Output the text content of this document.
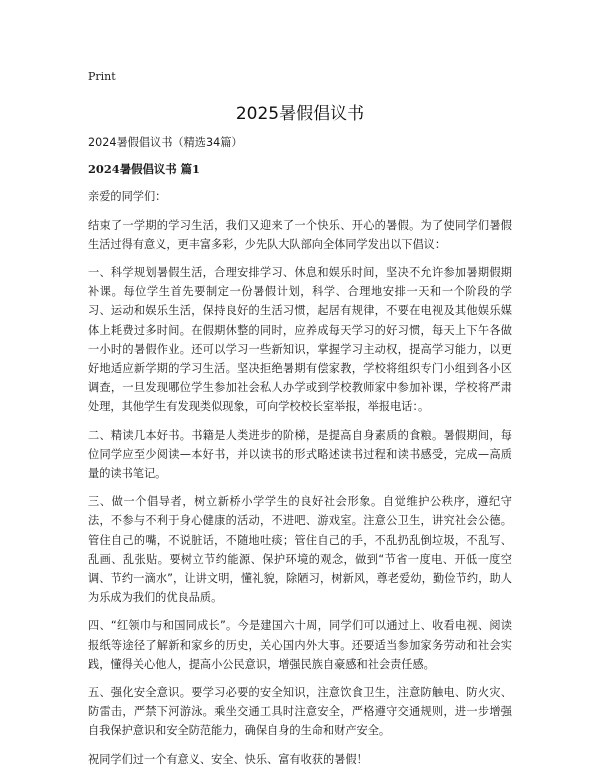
Print
2025暑假倡议书

2024暑假倡议书（精选34篇）

2024暑假倡议书 篇1

亲爱的同学们：

结束了一学期的学习生活，我们又迎来了一个快乐、开心的暑假。为了使同学们暑假生活过得有意义，更丰富多彩，少先队大队部向全体同学发出以下倡议：

一、科学规划暑假生活，合理安排学习、休息和娱乐时间，坚决不允许参加暑期假期补课。每位学生首先要制定一份暑假计划，科学、合理地安排一天和一个阶段的学习、运动和娱乐生活，保持良好的生活习惯，起居有规律，不要在电视及其他娱乐媒体上耗费过多时间。在假期休整的同时，应养成每天学习的好习惯，每天上下午各做一小时的暑假作业。还可以学习一些新知识，掌握学习主动权，提高学习能力，以更好地适应新学期的学习生活。坚决拒绝暑期有偿家教，学校将组织专门小组到各小区调查，一旦发现哪位学生参加社会私人办学或到学校教师家中参加补课，学校将严肃处理，其他学生有发现类似现象，可向学校校长室举报，举报电话：。

二、精读几本好书。书籍是人类进步的阶梯，是提高自身素质的食粮。暑假期间，每位同学应至少阅读—本好书，并以读书的形式略述读书过程和读书感受，完成—高质量的读书笔记。

三、做一个倡导者，树立新桥小学学生的良好社会形象。自觉维护公秩序，遵纪守法，不参与不利于身心健康的活动，不进吧、游戏室。注意公卫生，讲究社会公德。管住自己的嘴，不说脏话，不随地吐痰；管住自己的手，不乱扔乱倒垃圾，不乱写、乱画、乱张贴。要树立节约能源、保护环境的观念，做到“节省一度电、开低一度空调、节约一滴水”，让讲文明，懂礼貌，除陋习，树新风，尊老爱幼，勤俭节约，助人为乐成为我们的优良品质。

四、“红领巾与和国同成长”。今是建国六十周，同学们可以通过上、收看电视、阅读报纸等途径了解新和家乡的历史，关心国内外大事。还要适当参加家务劳动和社会实践，懂得关心他人，提高小公民意识，增强民族自豪感和社会责任感。

五、强化安全意识。要学习必要的安全知识，注意饮食卫生，注意防触电、防火灾、防雷击，严禁下河游泳。乘坐交通工具时注意安全，严格遵守交通规则，进一步增强自我保护意识和安全防范能力，确保自身的生命和财产安全。

祝同学们过一个有意义、安全、快乐、富有收获的暑假！
